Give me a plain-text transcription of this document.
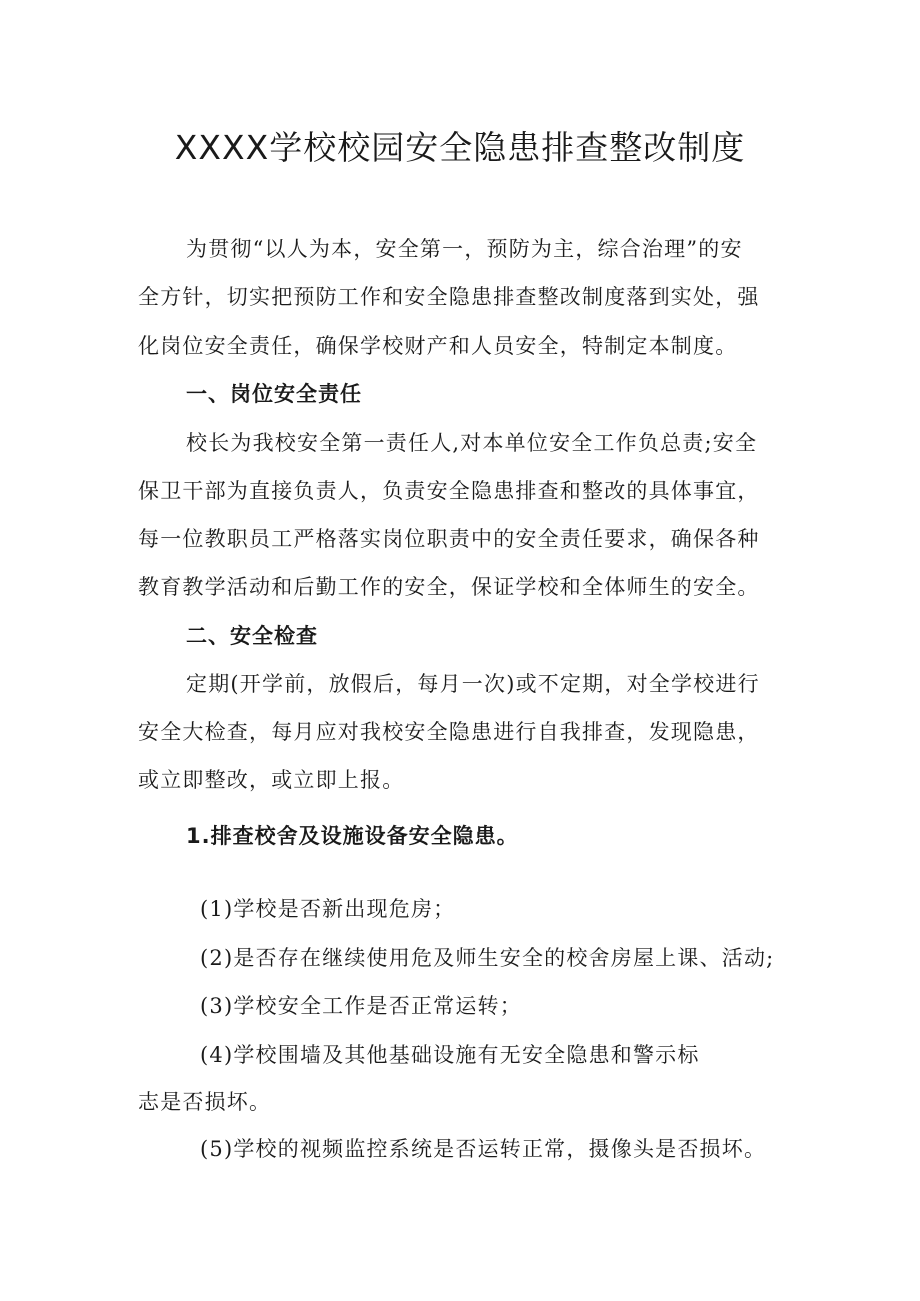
XXXX学校校园安全隐患排查整改制度
为贯彻“以人为本，安全第一，预防为主，综合治理”的安
全方针，切实把预防工作和安全隐患排查整改制度落到实处，强
化岗位安全责任，确保学校财产和人员安全，特制定本制度。
一、岗位安全责任
校长为我校安全第一责任人,对本单位安全工作负总责;安全
保卫干部为直接负责人，负责安全隐患排查和整改的具体事宜，
每一位教职员工严格落实岗位职责中的安全责任要求，确保各种
教育教学活动和后勤工作的安全，保证学校和全体师生的安全。
二、安全检查
定期(开学前，放假后，每月一次)或不定期，对全学校进行
安全大检查，每月应对我校安全隐患进行自我排查，发现隐患，
或立即整改，或立即上报。
1.排查校舍及设施设备安全隐患。
(1)学校是否新出现危房；
(2)是否存在继续使用危及师生安全的校舍房屋上课、活动;
(3)学校安全工作是否正常运转；
(4)学校围墙及其他基础设施有无安全隐患和警示标
志是否损坏。
(5)学校的视频监控系统是否运转正常，摄像头是否损坏。
